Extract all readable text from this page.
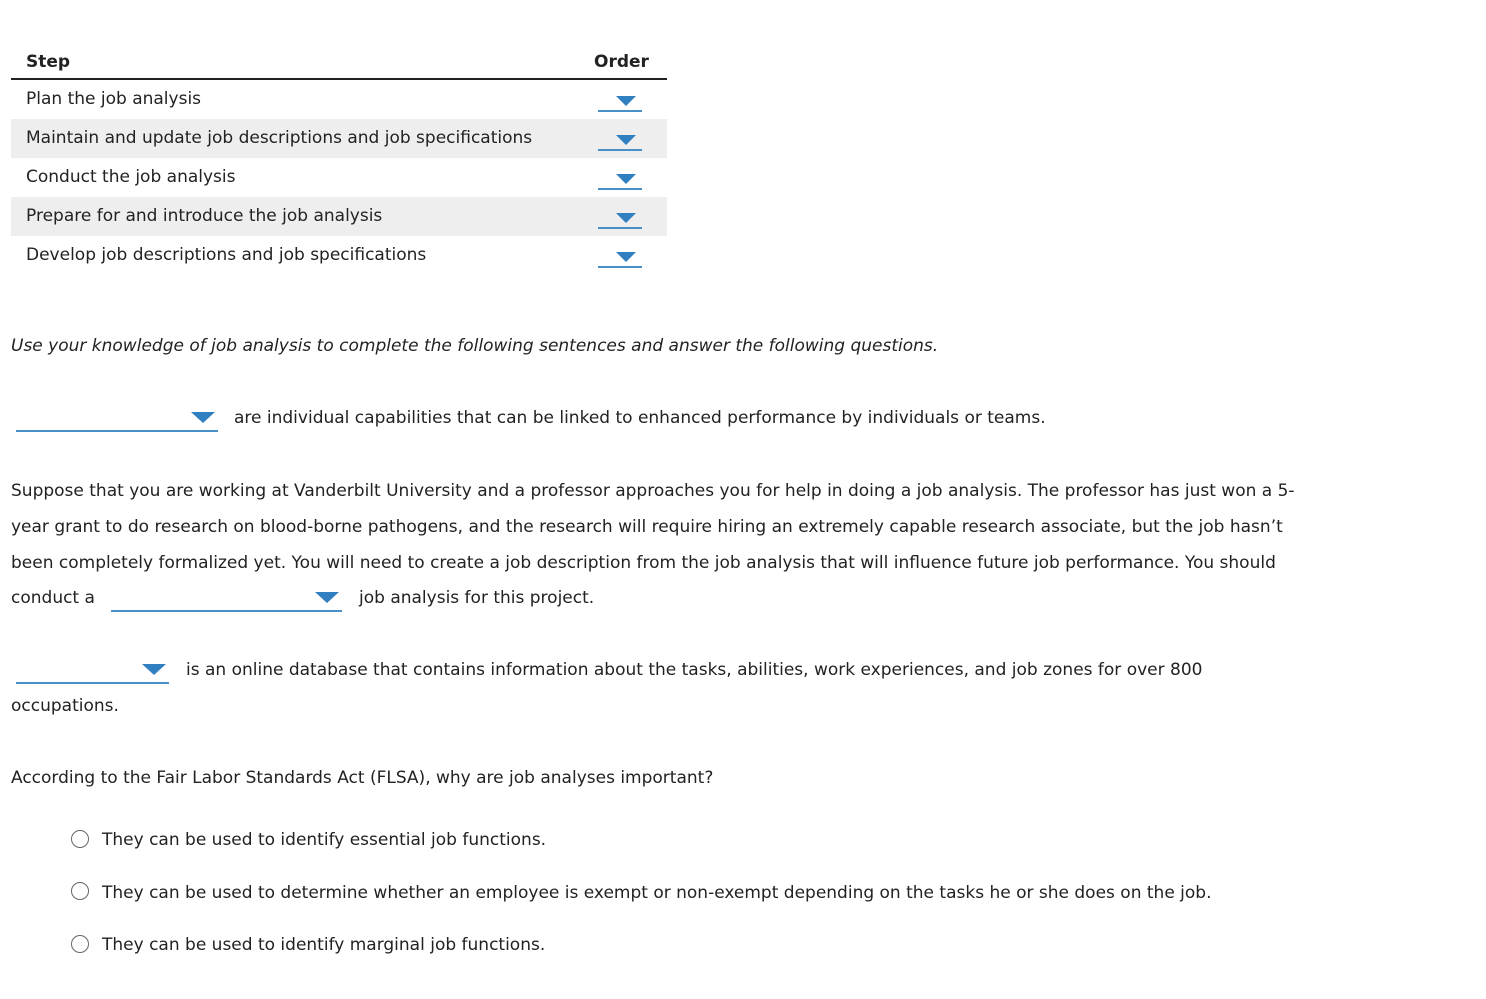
Step	Order
Plan the job analysis
Maintain and update job descriptions and job specifications
Conduct the job analysis
Prepare for and introduce the job analysis
Develop job descriptions and job specifications
Use your knowledge of job analysis to complete the following sentences and answer the following questions.
are individual capabilities that can be linked to enhanced performance by individuals or teams.
Suppose that you are working at Vanderbilt University and a professor approaches you for help in doing a job analysis. The professor has just won a 5-
year grant to do research on blood-borne pathogens, and the research will require hiring an extremely capable research associate, but the job hasn’t
been completely formalized yet. You will need to create a job description from the job analysis that will influence future job performance. You should
conduct a	job analysis for this project.
is an online database that contains information about the tasks, abilities, work experiences, and job zones for over 800
occupations.
According to the Fair Labor Standards Act (FLSA), why are job analyses important?
They can be used to identify essential job functions.
They can be used to determine whether an employee is exempt or non-exempt depending on the tasks he or she does on the job.
They can be used to identify marginal job functions.
